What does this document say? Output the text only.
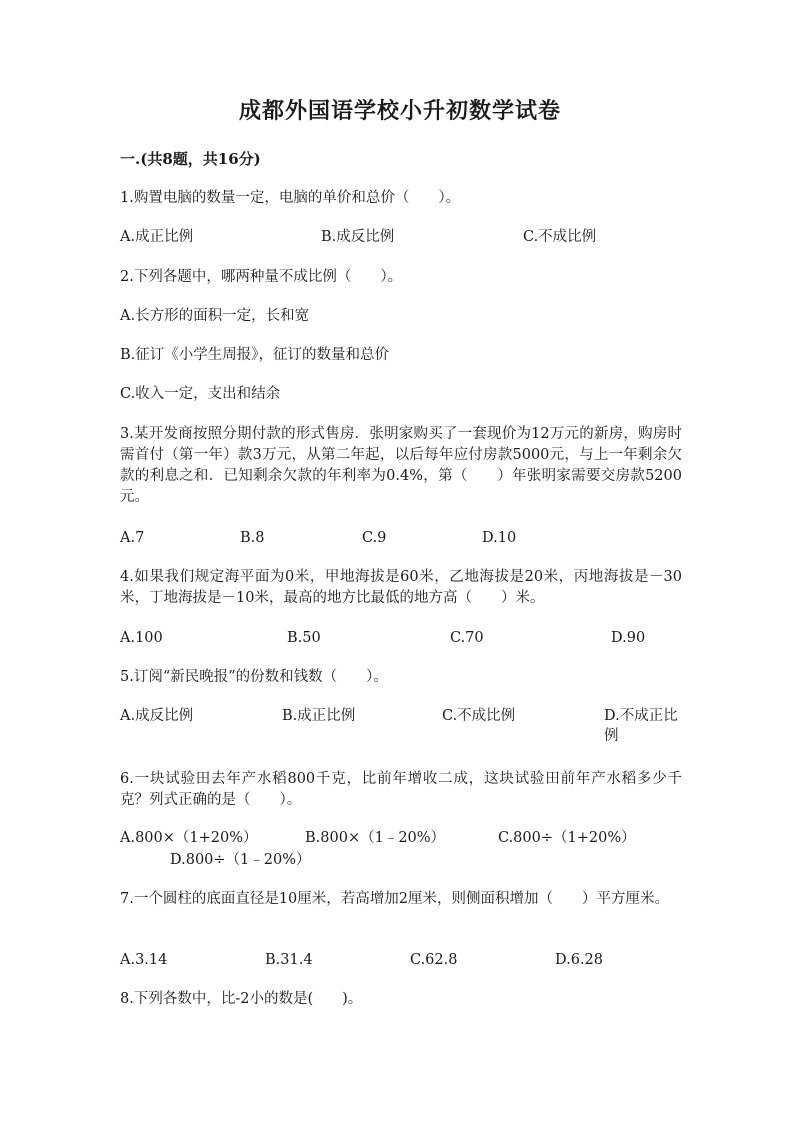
成都外国语学校小升初数学试卷
一.(共8题，共16分)
1.购置电脑的数量一定，电脑的单价和总价（　　）。
A.成正比例	B.成反比例	C.不成比例
2.下列各题中，哪两种量不成比例（　　）。
A.长方形的面积一定，长和宽
B.征订《小学生周报》，征订的数量和总价
C.收入一定，支出和结余
3.某开发商按照分期付款的形式售房．张明家购买了一套现价为12万元的新房，购房时需首付（第一年）款3万元，从第二年起，以后每年应付房款5000元，与上一年剩余欠款的利息之和．已知剩余欠款的年利率为0.4%，第（　　）年张明家需要交房款5200元。
A.7	B.8	C.9	D.10
4.如果我们规定海平面为0米，甲地海拔是60米，乙地海拔是20米，丙地海拔是－30米，丁地海拔是－10米，最高的地方比最低的地方高（　　）米。
A.100	B.50	C.70	D.90
5.订阅“新民晚报”的份数和钱数（　　）。
A.成反比例	B.成正比例	C.不成比例	D.不成正比例
6.一块试验田去年产水稻800千克，比前年增收二成，这块试验田前年产水稻多少千克？列式正确的是（　　）。
A.800×（1+20%）	B.800×（1﹣20%）	C.800÷（1+20%）
D.800÷（1﹣20%）
7.一个圆柱的底面直径是10厘米，若高增加2厘米，则侧面积增加（　　）平方厘米。
A.3.14	B.31.4	C.62.8	D.6.28
8.下列各数中，比-2小的数是(　　)。
